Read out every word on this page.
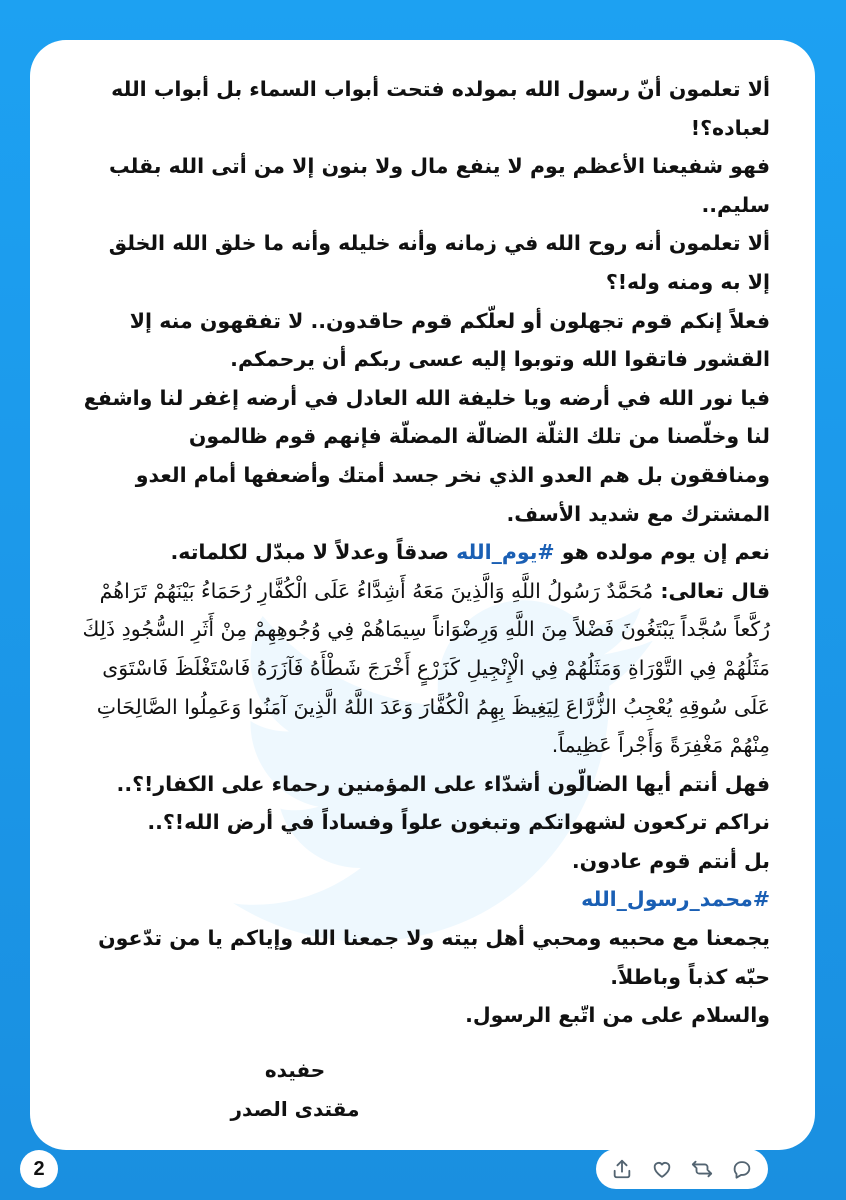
ألا تعلمون أنّ رسول الله بمولده فتحت أبواب السماء بل أبواب الله لعباده؟!

فهو شفيعنا الأعظم يوم لا ينفع مال ولا بنون إلا من أتى الله بقلب سليم..

ألا تعلمون أنه روح الله في زمانه وأنه خليله وأنه ما خلق الله الخلق إلا به ومنه وله!؟

فعلاً إنكم قوم تجهلون أو لعلّكم قوم حاقدون.. لا تفقهون منه إلا القشور فاتقوا الله وتوبوا إليه عسى ربكم أن يرحمكم.

فيا نور الله في أرضه ويا خليفة الله العادل في أرضه إغفر لنا واشفع لنا وخلّصنا من تلك الثلّة الضالّة المضلّة فإنهم قوم ظالمون ومنافقون بل هم العدو الذي نخر جسد أمتك وأضعفها أمام العدو المشترك مع شديد الأسف.

نعم إن يوم مولده هو #يوم_الله صدقاً وعدلاً لا مبدّل لكلماته.

قال تعالى: مُحَمَّدٌ رَسُولُ اللَّهِ وَالَّذِينَ مَعَهُ أَشِدَّاءُ عَلَى الْكُفَّارِ رُحَمَاءُ بَيْنَهُمْ تَرَاهُمْ رُكَّعاً سُجَّداً يَبْتَغُونَ فَضْلاً مِنَ اللَّهِ وَرِضْوَاناً سِيمَاهُمْ فِي وُجُوهِهِمْ مِنْ أَثَرِ السُّجُودِ ذَلِكَ مَثَلُهُمْ فِي التَّوْرَاةِ وَمَثَلُهُمْ فِي الْإِنْجِيلِ كَزَرْعٍ أَخْرَجَ شَطْأَهُ فَآزَرَهُ فَاسْتَغْلَظَ فَاسْتَوَى عَلَى سُوقِهِ يُعْجِبُ الزُّرَّاعَ لِيَغِيظَ بِهِمُ الْكُفَّارَ وَعَدَ اللَّهُ الَّذِينَ آمَنُوا وَعَمِلُوا الصَّالِحَاتِ مِنْهُمْ مَغْفِرَةً وَأَجْراً عَظِيماً.

فهل أنتم أيها الضالّون أشدّاء على المؤمنين رحماء على الكفار!؟..

نراكم تركعون لشهواتكم وتبغون علواً وفساداً في أرض الله!؟..

بل أنتم قوم عادون.

#محمد_رسول_الله

يجمعنا مع محبيه ومحبي أهل بيته ولا جمعنا الله وإياكم يا من تدّعون حبّه كذباً وباطلاً.

والسلام على من اتّبع الرسول.

حفيده
مقتدى الصدر
2
